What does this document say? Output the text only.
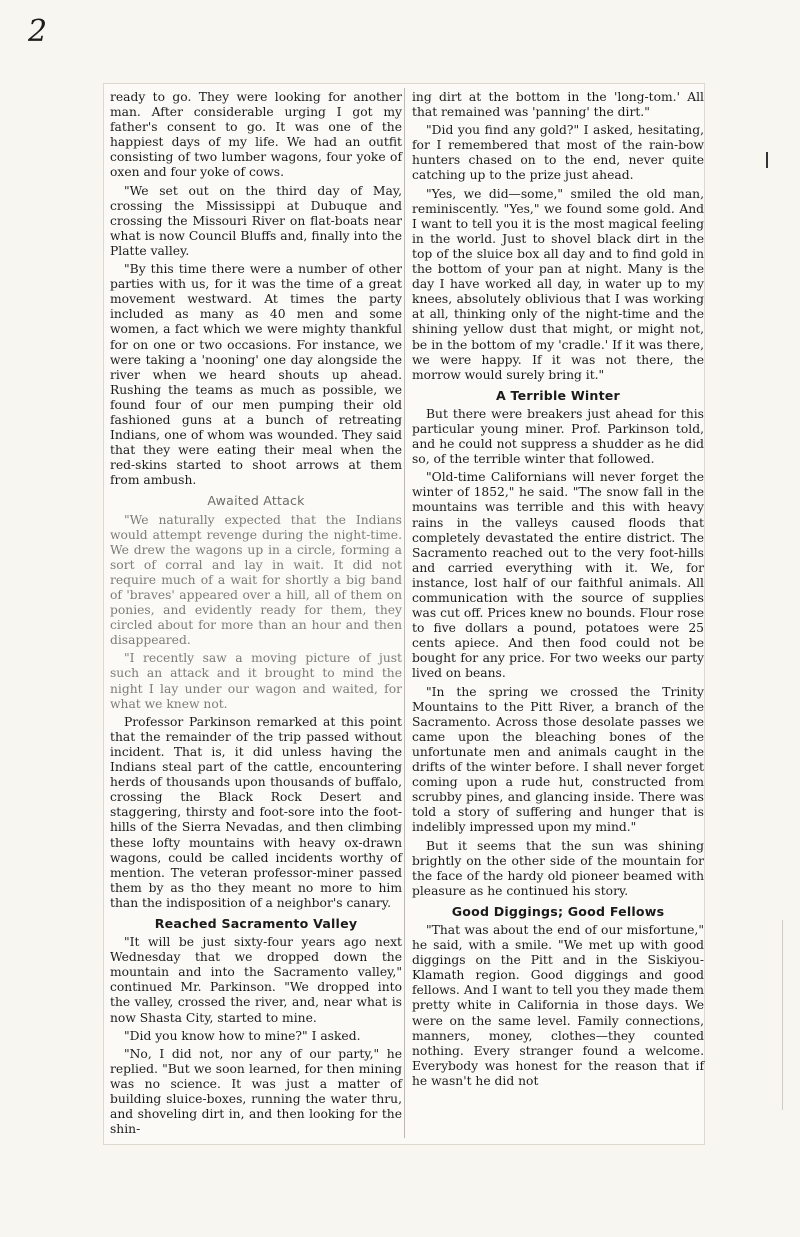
2

ready to go. They were looking for another man. After considerable urging I got my father's consent to go. It was one of the happiest days of my life. We had an outfit consisting of two lumber wagons, four yoke of oxen and four yoke of cows.

"We set out on the third day of May, crossing the Mississippi at Dubuque and crossing the Missouri River on flat-boats near what is now Council Bluffs and, finally into the Platte valley.

"By this time there were a number of other parties with us, for it was the time of a great movement westward. At times the party included as many as 40 men and some women, a fact which we were mighty thankful for on one or two occasions. For instance, we were taking a 'nooning' one day alongside the river when we heard shouts up ahead. Rushing the teams as much as possible, we found four of our men pumping their old fashioned guns at a bunch of retreating Indians, one of whom was wounded. They said that they were eating their meal when the red-skins started to shoot arrows at them from ambush.

Awaited Attack

"We naturally expected that the Indians would attempt revenge during the night-time. We drew the wagons up in a circle, forming a sort of corral and lay in wait. It did not require much of a wait for shortly a big band of 'braves' appeared over a hill, all of them on ponies, and evidently ready for them, they circled about for more than an hour and then disappeared.

"I recently saw a moving picture of just such an attack and it brought to mind the night I lay under our wagon and waited, for what we knew not.

Professor Parkinson remarked at this point that the remainder of the trip passed without incident. That is, it did unless having the Indians steal part of the cattle, encountering herds of thousands upon thousands of buffalo, crossing the Black Rock Desert and staggering, thirsty and foot-sore into the foot-hills of the Sierra Nevadas, and then climbing these lofty mountains with heavy ox-drawn wagons, could be called incidents worthy of mention. The veteran professor-miner passed them by as tho they meant no more to him than the indisposition of a neighbor's canary.

Reached Sacramento Valley

"It will be just sixty-four years ago next Wednesday that we dropped down the mountain and into the Sacramento valley," continued Mr. Parkinson. "We dropped into the valley, crossed the river, and, near what is now Shasta City, started to mine.

"Did you know how to mine?" I asked.

"No, I did not, nor any of our party," he replied. "But we soon learned, for then mining was no science. It was just a matter of building sluice-boxes, running the water thru, and shoveling dirt in, and then looking for the shin-

ing dirt at the bottom in the 'long-tom.' All that remained was 'panning' the dirt."

"Did you find any gold?" I asked, hesitating, for I remembered that most of the rain-bow hunters chased on to the end, never quite catching up to the prize just ahead.

"Yes, we did—some," smiled the old man, reminiscently. "Yes," we found some gold. And I want to tell you it is the most magical feeling in the world. Just to shovel black dirt in the top of the sluice box all day and to find gold in the bottom of your pan at night. Many is the day I have worked all day, in water up to my knees, absolutely oblivious that I was working at all, thinking only of the night-time and the shining yellow dust that might, or might not, be in the bottom of my 'cradle.' If it was there, we were happy. If it was not there, the morrow would surely bring it."

A Terrible Winter

But there were breakers just ahead for this particular young miner. Prof. Parkinson told, and he could not suppress a shudder as he did so, of the terrible winter that followed.

"Old-time Californians will never forget the winter of 1852," he said. "The snow fall in the mountains was terrible and this with heavy rains in the valleys caused floods that completely devastated the entire district. The Sacramento reached out to the very foot-hills and carried everything with it. We, for instance, lost half of our faithful animals. All communication with the source of supplies was cut off. Prices knew no bounds. Flour rose to five dollars a pound, potatoes were 25 cents apiece. And then food could not be bought for any price. For two weeks our party lived on beans.

"In the spring we crossed the Trinity Mountains to the Pitt River, a branch of the Sacramento. Across those desolate passes we came upon the bleaching bones of the unfortunate men and animals caught in the drifts of the winter before. I shall never forget coming upon a rude hut, constructed from scrubby pines, and glancing inside. There was told a story of suffering and hunger that is indelibly impressed upon my mind."

But it seems that the sun was shining brightly on the other side of the mountain for the face of the hardy old pioneer beamed with pleasure as he continued his story.

Good Diggings; Good Fellows

"That was about the end of our misfortune," he said, with a smile. "We met up with good diggings on the Pitt and in the Siskiyou-Klamath region. Good diggings and good fellows. And I want to tell you they made them pretty white in California in those days. We were on the same level. Family connections, manners, money, clothes—they counted nothing. Every stranger found a welcome. Everybody was honest for the reason that if he wasn't he did not
